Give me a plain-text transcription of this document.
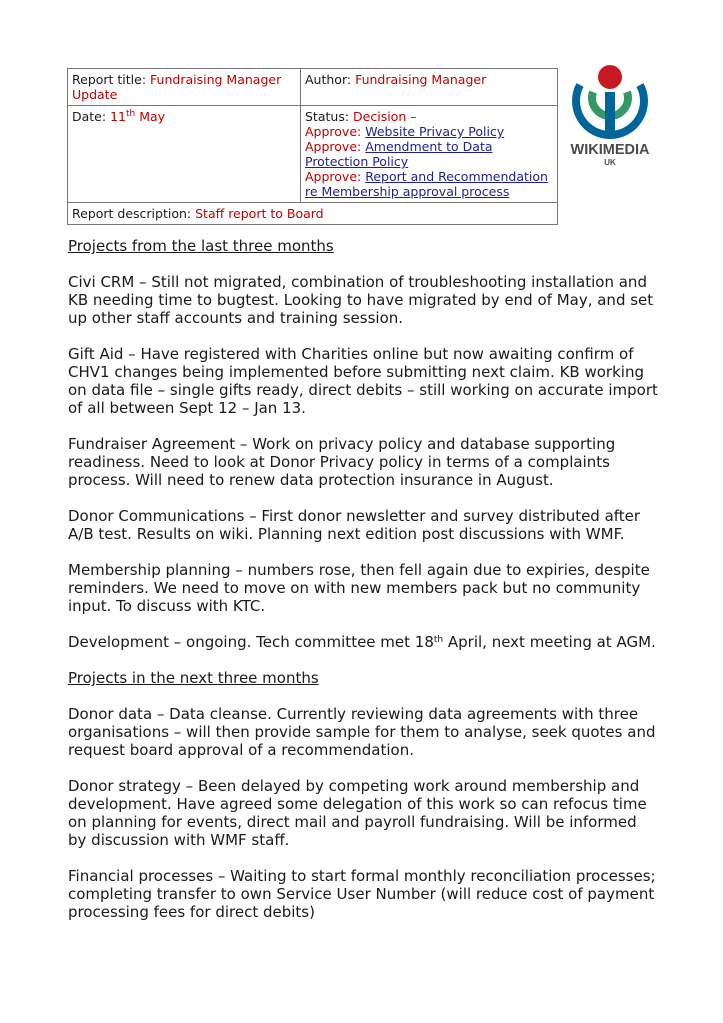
Report title: Fundraising Manager Update	Author: Fundraising Manager
Date: 11th May	Status: Decision –
Approve: Website Privacy Policy
Approve: Amendment to Data Protection Policy
Approve: Report and Recommendation re Membership approval process

Report description: Staff report to Board	
WIKIMEDIA
UK

Projects from the last three months

Civi CRM – Still not migrated, combination of troubleshooting installation and KB needing time to bugtest. Looking to have migrated by end of May, and set up other staff accounts and training session.

Gift Aid – Have registered with Charities online but now awaiting confirm of CHV1 changes being implemented before submitting next claim. KB working on data file – single gifts ready, direct debits – still working on accurate import of all between Sept 12 – Jan 13.

Fundraiser Agreement – Work on privacy policy and database supporting readiness. Need to look at Donor Privacy policy in terms of a complaints process. Will need to renew data protection insurance in August.

Donor Communications – First donor newsletter and survey distributed after A/B test. Results on wiki. Planning next edition post discussions with WMF.

Membership planning – numbers rose, then fell again due to expiries, despite reminders. We need to move on with new members pack but no community input. To discuss with KTC.

Development – ongoing. Tech committee met 18th April, next meeting at AGM.

Projects in the next three months

Donor data – Data cleanse. Currently reviewing data agreements with three organisations – will then provide sample for them to analyse, seek quotes and request board approval of a recommendation.

Donor strategy – Been delayed by competing work around membership and development. Have agreed some delegation of this work so can refocus time on planning for events, direct mail and payroll fundraising. Will be informed by discussion with WMF staff.

Financial processes – Waiting to start formal monthly reconciliation processes; completing transfer to own Service User Number (will reduce cost of payment processing fees for direct debits)
